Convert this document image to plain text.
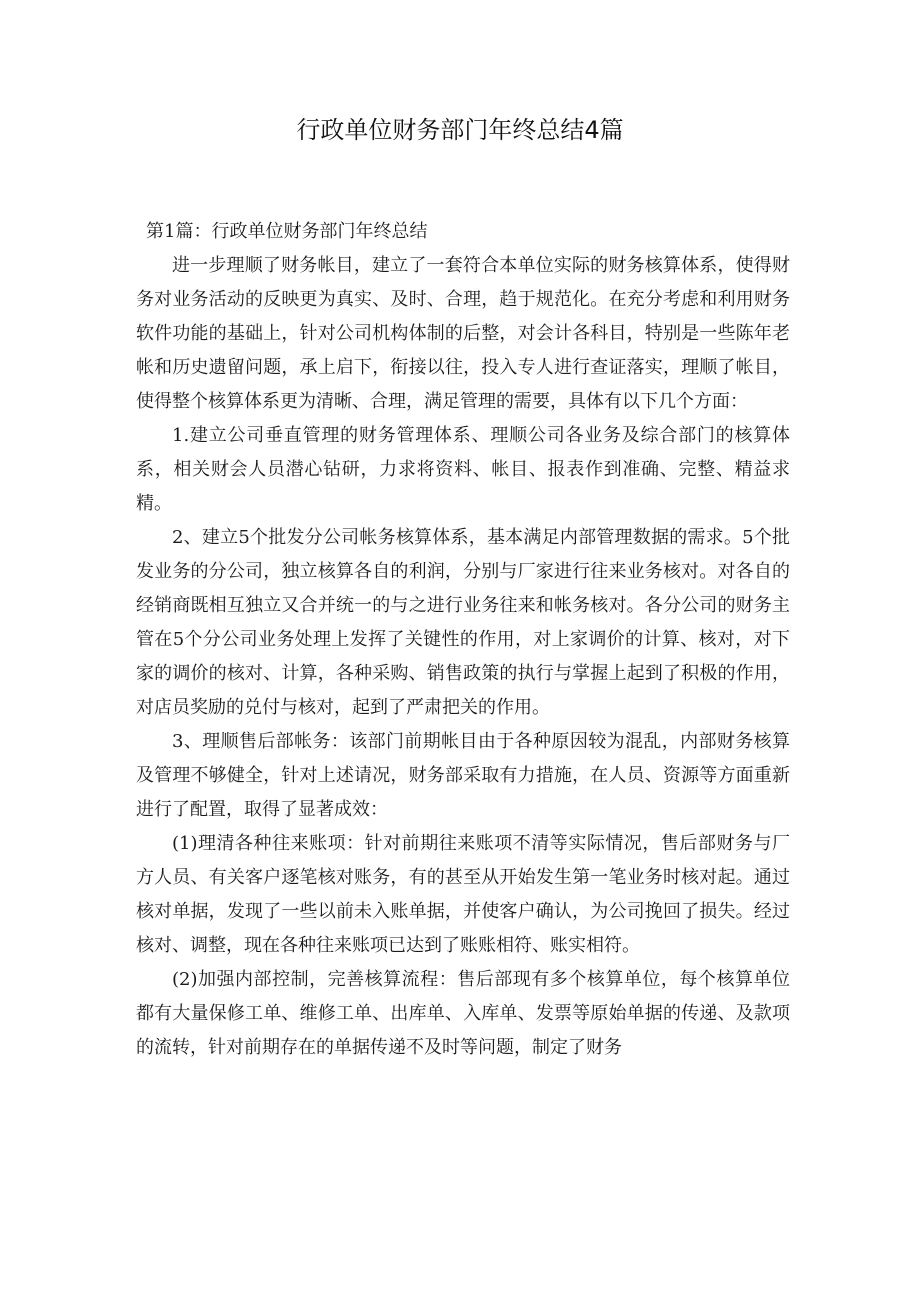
行政单位财务部门年终总结4篇

第1篇：行政单位财务部门年终总结

进一步理顺了财务帐目，建立了一套符合本单位实际的财务核算体系，使得财务对业务活动的反映更为真实、及时、合理，趋于规范化。在充分考虑和利用财务软件功能的基础上，针对公司机构体制的后整，对会计各科目，特别是一些陈年老帐和历史遗留问题，承上启下，衔接以往，投入专人进行查证落实，理顺了帐目，使得整个核算体系更为清晰、合理，满足管理的需要，具体有以下几个方面：

1.建立公司垂直管理的财务管理体系、理顺公司各业务及综合部门的核算体系，相关财会人员潜心钻研，力求将资料、帐目、报表作到准确、完整、精益求精。

2、建立5个批发分公司帐务核算体系，基本满足内部管理数据的需求。5个批发业务的分公司，独立核算各自的利润，分别与厂家进行往来业务核对。对各自的经销商既相互独立又合并统一的与之进行业务往来和帐务核对。各分公司的财务主管在5个分公司业务处理上发挥了关键性的作用，对上家调价的计算、核对，对下家的调价的核对、计算，各种采购、销售政策的执行与掌握上起到了积极的作用，对店员奖励的兑付与核对，起到了严肃把关的作用。

3、理顺售后部帐务：该部门前期帐目由于各种原因较为混乱，内部财务核算及管理不够健全，针对上述请况，财务部采取有力措施，在人员、资源等方面重新进行了配置，取得了显著成效：

(1)理清各种往来账项：针对前期往来账项不清等实际情况，售后部财务与厂方人员、有关客户逐笔核对账务，有的甚至从开始发生第一笔业务时核对起。通过核对单据，发现了一些以前未入账单据，并使客户确认，为公司挽回了损失。经过核对、调整，现在各种往来账项已达到了账账相符、账实相符。

(2)加强内部控制，完善核算流程：售后部现有多个核算单位，每个核算单位都有大量保修工单、维修工单、出库单、入库单、发票等原始单据的传递、及款项的流转，针对前期存在的单据传递不及时等问题，制定了财务
